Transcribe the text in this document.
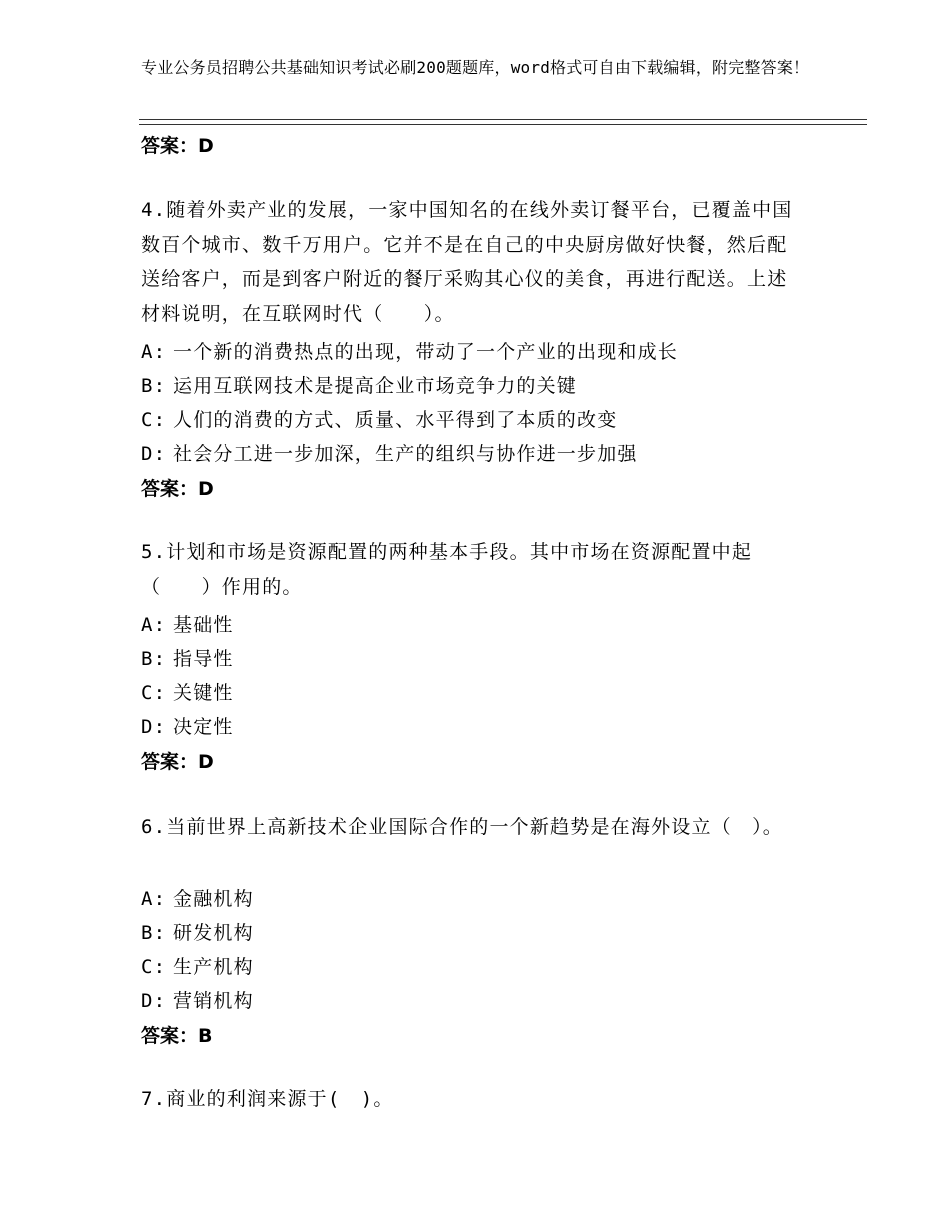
专业公务员招聘公共基础知识考试必刷200题题库，word格式可自由下载编辑，附完整答案！
答案：D

4.随着外卖产业的发展，一家中国知名的在线外卖订餐平台，已覆盖中国数百个城市、数千万用户。它并不是在自己的中央厨房做好快餐，然后配送给客户，而是到客户附近的餐厅采购其心仪的美食，再进行配送。上述材料说明，在互联网时代（　　）。

A: 一个新的消费热点的出现，带动了一个产业的出现和成长
B: 运用互联网技术是提高企业市场竞争力的关键
C: 人们的消费的方式、质量、水平得到了本质的改变
D: 社会分工进一步加深，生产的组织与协作进一步加强
答案：D

5.计划和市场是资源配置的两种基本手段。其中市场在资源配置中起（　　）作用的。

A: 基础性
B: 指导性
C: 关键性
D: 决定性
答案：D

6.当前世界上高新技术企业国际合作的一个新趋势是在海外设立（　）。

A: 金融机构
B: 研发机构
C: 生产机构
D: 营销机构
答案：B

7.商业的利润来源于(　)。
